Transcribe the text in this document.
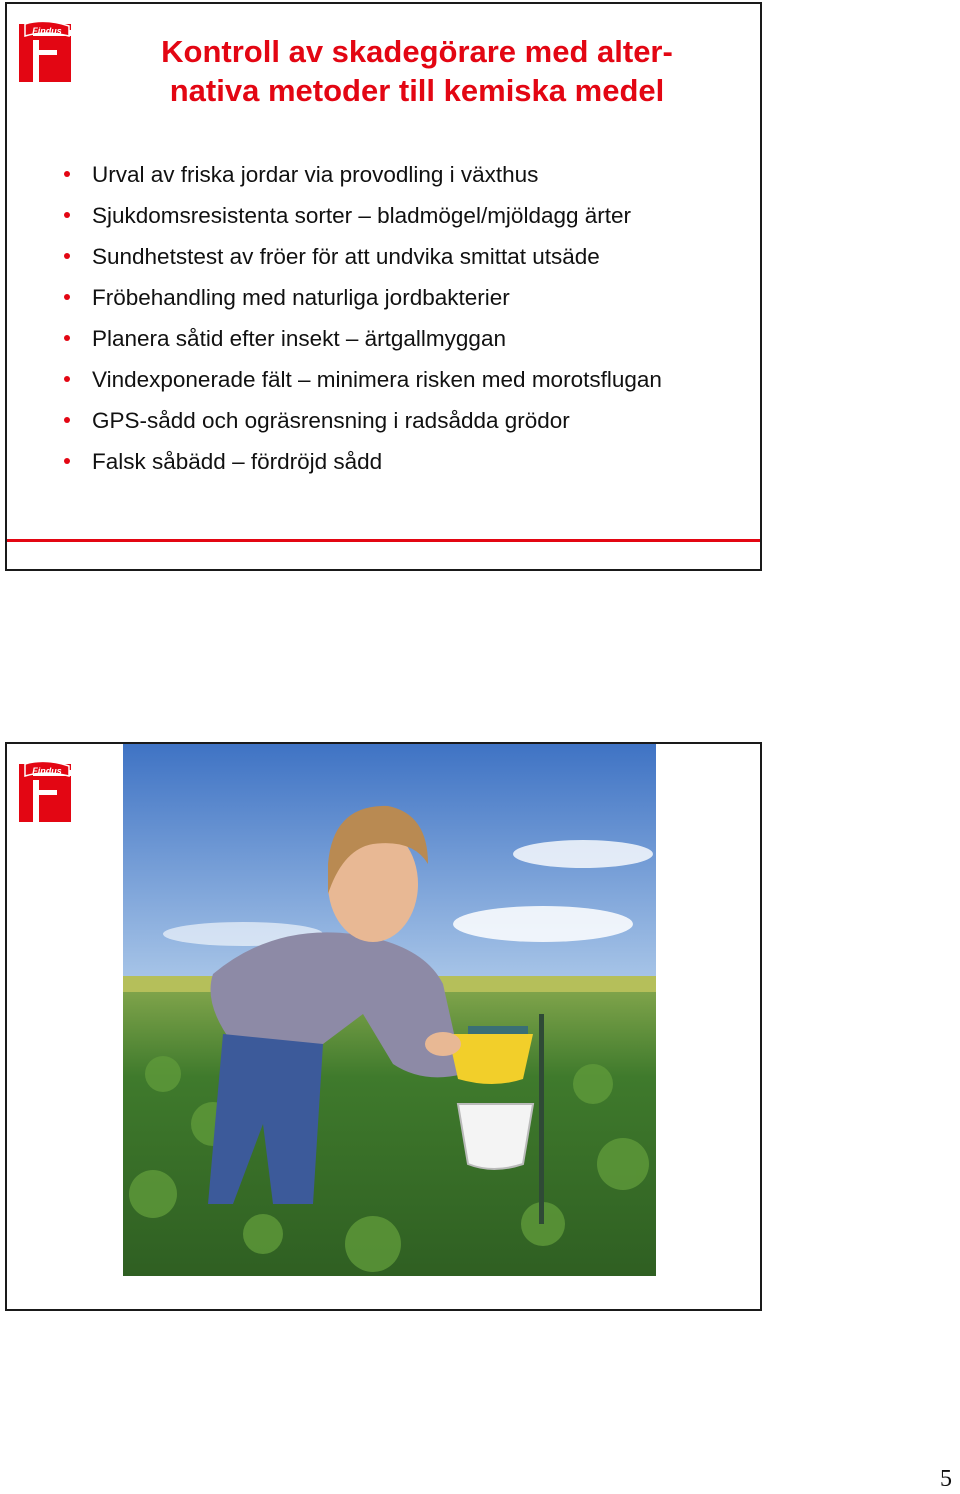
Findus
Kontroll av skadegörare med alter-
nativa metoder till kemiska medel
Urval av friska jordar via provodling i växthus
Sjukdomsresistenta sorter – bladmögel/mjöldagg ärter
Sundhetstest av fröer för att undvika smittat utsäde
Fröbehandling med naturliga jordbakterier
Planera såtid efter insekt – ärtgallmyggan
Vindexponerade fält – minimera risken med morotsflugan
GPS-sådd och ogräsrensning i radsådda grödor
Falsk såbädd – fördröjd sådd
Findus
5
